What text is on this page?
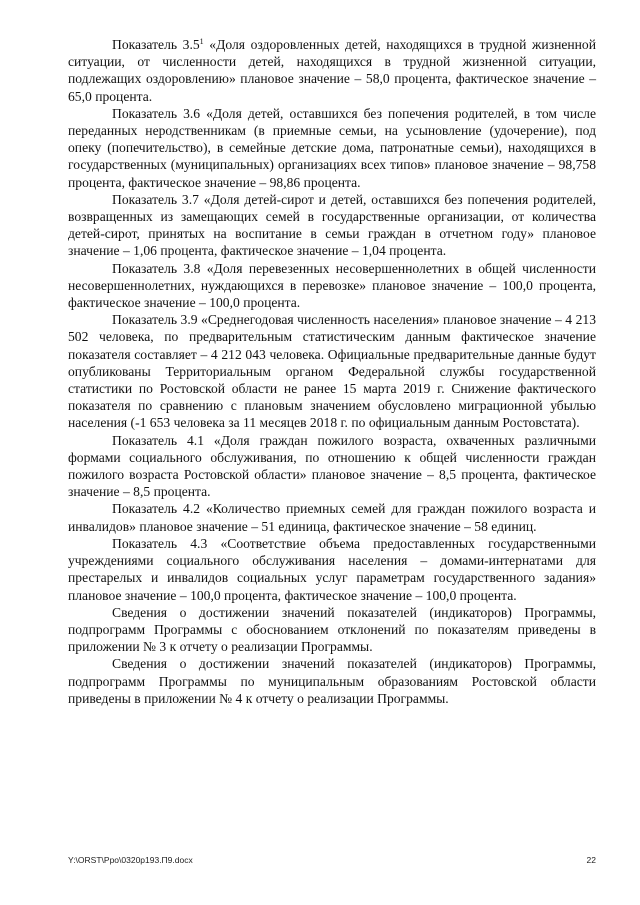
Показатель $3.5^1$ «Доля оздоровленных детей, находящихся в трудной жизненной ситуации, от численности детей, находящихся в трудной жизненной ситуации, подлежащих оздоровлению» плановое значение – 58,0 процента, фактическое значение – 65,0 процента.

Показатель 3.6 «Доля детей, оставшихся без попечения родителей, в том числе переданных неродственникам (в приемные семьи, на усыновление (удочерение), под опеку (попечительство), в семейные детские дома, патронатные семьи), находящихся в государственных (муниципальных) организациях всех типов» плановое значение – 98,758 процента, фактическое значение – 98,86 процента.

Показатель 3.7 «Доля детей-сирот и детей, оставшихся без попечения родителей, возвращенных из замещающих семей в государственные организации, от количества детей-сирот, принятых на воспитание в семьи граждан в отчетном году» плановое значение – 1,06 процента, фактическое значение – 1,04 процента.

Показатель 3.8 «Доля перевезенных несовершеннолетних в общей численности несовершеннолетних, нуждающихся в перевозке» плановое значение – 100,0 процента, фактическое значение – 100,0 процента.

Показатель 3.9 «Среднегодовая численность населения» плановое значение – 4 213 502 человека, по предварительным статистическим данным фактическое значение показателя составляет – 4 212 043 человека. Официальные предварительные данные будут опубликованы Территориальным органом Федеральной службы государственной статистики по Ростовской области не ранее 15 марта 2019 г. Снижение фактического показателя по сравнению с плановым значением обусловлено миграционной убылью населения (-1 653 человека за 11 месяцев 2018 г. по официальным данным Ростовстата).

Показатель 4.1 «Доля граждан пожилого возраста, охваченных различными формами социального обслуживания, по отношению к общей численности граждан пожилого возраста Ростовской области» плановое значение – 8,5 процента, фактическое значение – 8,5 процента.

Показатель 4.2 «Количество приемных семей для граждан пожилого возраста и инвалидов» плановое значение – 51 единица, фактическое значение – 58 единиц.

Показатель 4.3 «Соответствие объема предоставленных государственными учреждениями социального обслуживания населения – домами-интернатами для престарелых и инвалидов социальных услуг параметрам государственного задания» плановое значение – 100,0 процента, фактическое значение – 100,0 процента.

Сведения о достижении значений показателей (индикаторов) Программы, подпрограмм Программы с обоснованием отклонений по показателям приведены в приложении № 3 к отчету о реализации Программы.

Сведения о достижении значений показателей (индикаторов) Программы, подпрограмм Программы по муниципальным образованиям Ростовской области приведены в приложении № 4 к отчету о реализации Программы.

Y:\ORST\Ppo\0320p193.П9.docx	22
